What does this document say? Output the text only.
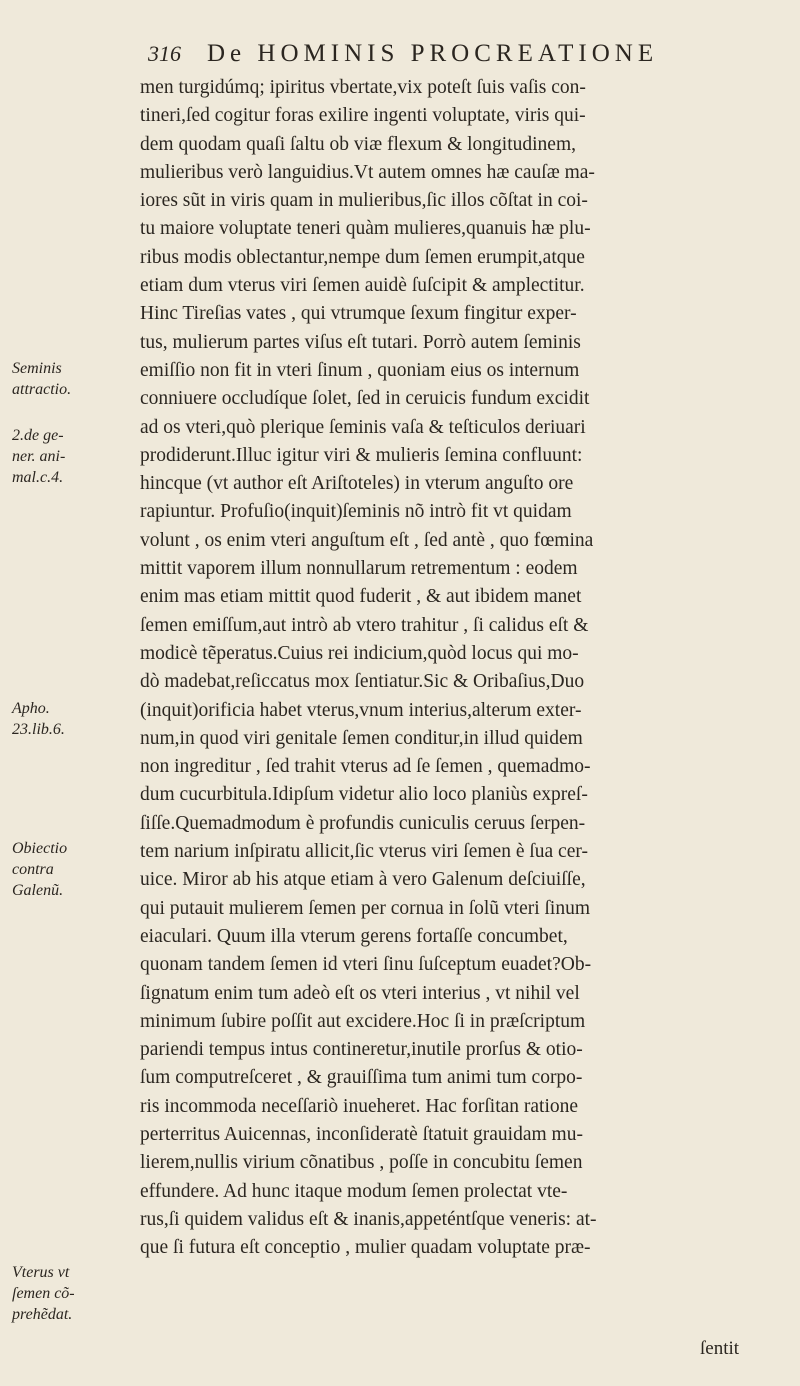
316 De HOMINIS PROCREATIONE
men turgidúmq; ipiritus vbertate,vix poteſt ſuis vaſis con-
tineri,ſed cogitur foras exilire ingenti voluptate, viris qui-
dem quodam quaſi ſaltu ob viæ flexum & longitudinem,
mulieribus verò languidius.Vt autem omnes hæ cauſæ ma-
iores sũt in viris quam in mulieribus,ſic illos cõſtat in coi-
tu maiore voluptate teneri quàm mulieres,quanuis hæ plu-
ribus modis oblectantur,nempe dum ſemen erumpit,atque
etiam dum vterus viri ſemen auidè ſuſcipit & amplectitur.
Hinc Tireſias vates , qui vtrumque ſexum fingitur exper-
tus, mulierum partes viſus eſt tutari. Porrò autem ſeminis
emiſſio non fit in vteri ſinum , quoniam eius os internum
conniuere occludíque ſolet, ſed in ceruicis fundum excidit
ad os vteri,quò plerique ſeminis vaſa & teſticulos deriuari
prodiderunt.Illuc igitur viri & mulieris ſemina confluunt:
hincque (vt author eſt Ariſtoteles) in vterum anguſto ore
rapiuntur. Profuſio(inquit)ſeminis nõ intrò fit vt quidam
volunt , os enim vteri anguſtum eſt , ſed antè , quo fœmina
mittit vaporem illum nonnullarum retrementum : eodem
enim mas etiam mittit quod fuderit , & aut ibidem manet
ſemen emiſſum,aut intrò ab vtero trahitur , ſi calidus eſt &
modicè tẽperatus.Cuius rei indicium,quòd locus qui mo-
dò madebat,reſiccatus mox ſentiatur.Sic & Oribaſius,Duo
(inquit)orificia habet vterus,vnum interius,alterum exter-
num,in quod viri genitale ſemen conditur,in illud quidem
non ingreditur , ſed trahit vterus ad ſe ſemen , quemadmo-
dum cucurbitula.Idipſum videtur alio loco planiùs expreſ-
ſiſſe.Quemadmodum è profundis cuniculis ceruus ſerpen-
tem narium inſpiratu allicit,ſic vterus viri ſemen è ſua cer-
uice. Miror ab his atque etiam à vero Galenum deſciuiſſe,
qui putauit mulierem ſemen per cornua in ſolũ vteri ſinum
eiaculari. Quum illa vterum gerens fortaſſe concumbet,
quonam tandem ſemen id vteri ſinu ſuſceptum euadet?Ob-
ſignatum enim tum adeò eſt os vteri interius , vt nihil vel
minimum ſubire poſſit aut excidere.Hoc ſi in præſcriptum
pariendi tempus intus contineretur,inutile prorſus & otio-
ſum computreſceret , & grauiſſima tum animi tum corpo-
ris incommoda neceſſariò inueheret. Hac forſitan ratione
perterritus Auicennas, inconſideratè ſtatuit grauidam mu-
lierem,nullis virium cõnatibus , poſſe in concubitu ſemen
effundere. Ad hunc itaque modum ſemen prolectat vte-
rus,ſi quidem validus eſt & inanis,appeténtſque veneris: at-
que ſi futura eſt conceptio , mulier quadam voluptate præ-
Seminis
attractio.
2.de ge-
ner. ani-
mal.c.4.
Apho.
23.lib.6.
Obiectio
contra
Galenũ.
Vterus vt
ſemen cõ-
prehẽdat.
ſentit
